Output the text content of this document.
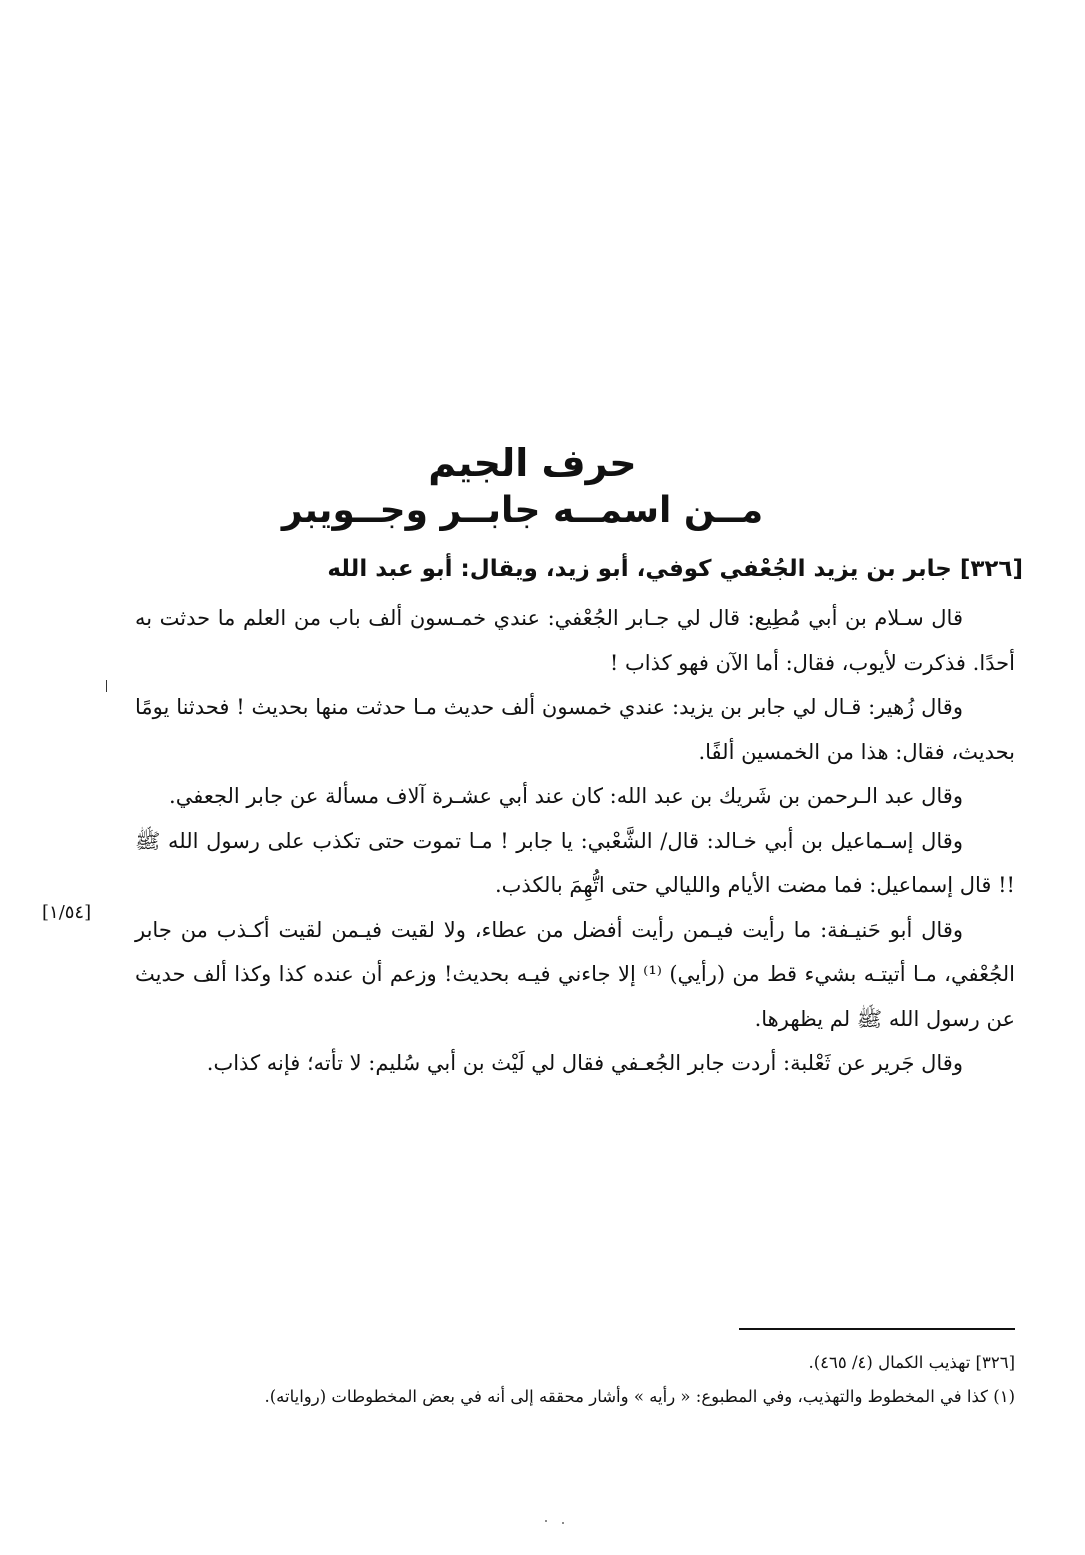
حرف الجيم
مــن اسمــه جابــر وجــويبر
[٣٢٦] جابر بن يزيد الجُعْفي كوفي، أبو زيد، ويقال: أبو عبد الله

قال سـلام بن أبي مُطِيع: قال لي جـابر الجُعْفي: عندي خمـسون ألف باب من العلم ما حدثت به أحدًا. فذكرت لأيوب، فقال: أما الآن فهو كذاب !

وقال زُهير: قـال لي جابر بن يزيد: عندي خمسون ألف حديث مـا حدثت منها بحديث ! فحدثنا يومًا بحديث، فقال: هذا من الخمسين ألفًا.

وقال عبد الـرحمن بن شَريك بن عبد الله: كان عند أبي عشـرة آلاف مسألة عن جابر الجعفي.

وقال إسـماعيل بن أبي خـالد: قال/ الشَّعْبي: يا جابر ! مـا تموت حتى تكذب على رسول الله ﷺ !! قال إسماعيل: فما مضت الأيام والليالي حتى اتُّهِمَ بالكذب.

وقال أبو حَنيـفة: ما رأيت فيـمن رأيت أفضل من عطاء، ولا لقيت فيـمن لقيت أكـذب من جابر الجُعْفي، مـا أتيتـه بشيء قط من (رأيي) ⁽¹⁾ إلا جاءني فيـه بحديث! وزعم أن عنده كذا وكذا ألف حديث عن رسول الله ﷺ لم يظهرها.

وقال جَرير عن ثَعْلبة: أردت جابر الجُعـفي فقال لي لَيْث بن أبي سُليم: لا تأته؛ فإنه كذاب.

[١/٥٤]

[٣٢٦] تهذيب الكمال (٤/ ٤٦٥).

(١) كذا في المخطوط والتهذيب، وفي المطبوع: « رأيه » وأشار محققه إلى أنه في بعض المخطوطات (رواياته).
